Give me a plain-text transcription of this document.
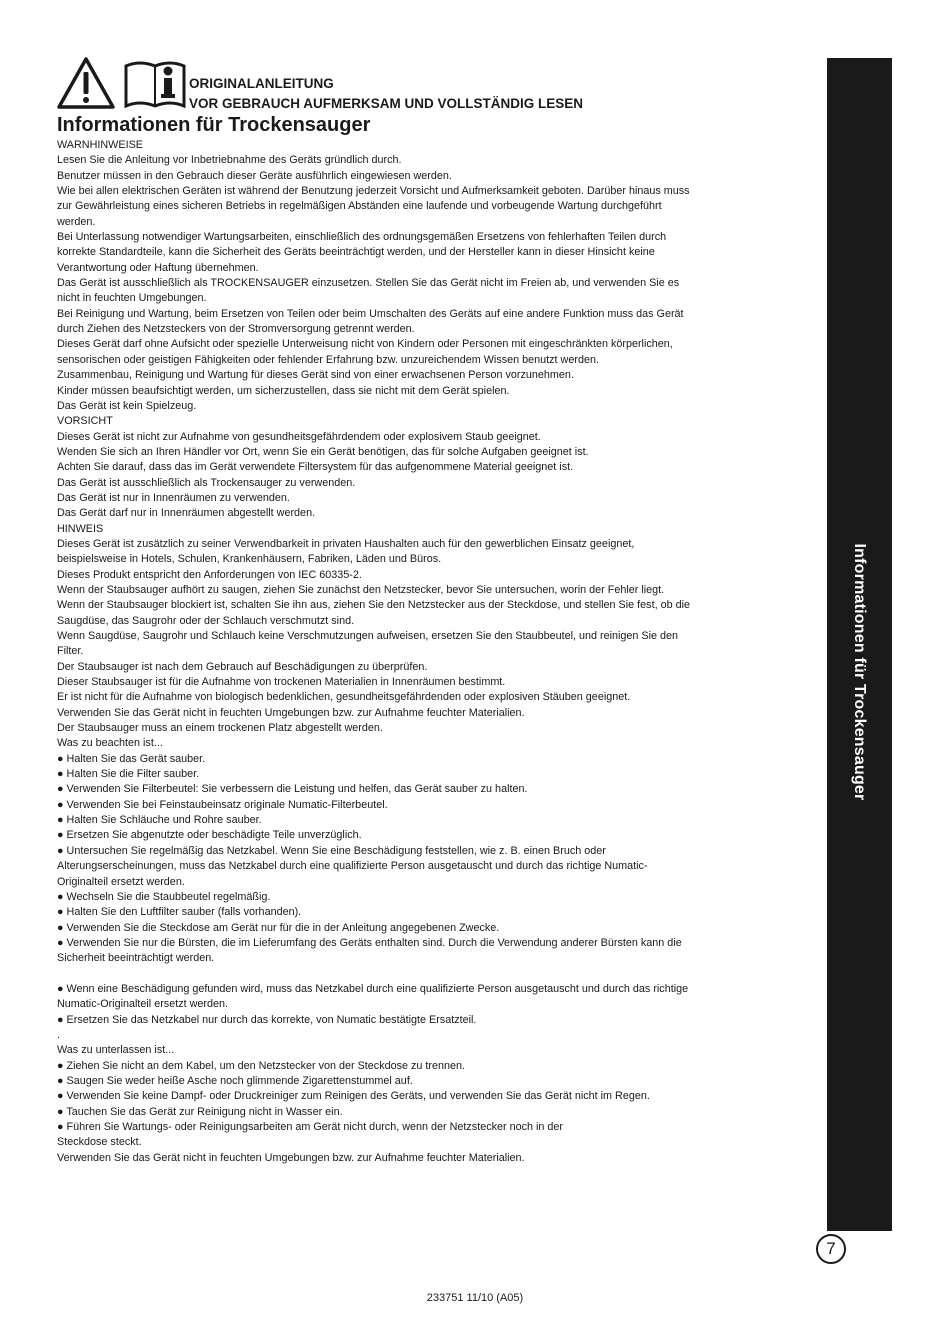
ORIGINALANLEITUNG
VOR GEBRAUCH AUFMERKSAM UND VOLLSTÄNDIG LESEN
Informationen für Trockensauger
WARNHINWEISE
Lesen Sie die Anleitung vor Inbetriebnahme des Geräts gründlich durch.
Benutzer müssen in den Gebrauch dieser Geräte ausführlich eingewiesen werden.
Wie bei allen elektrischen Geräten ist während der Benutzung jederzeit Vorsicht und Aufmerksamkeit geboten. Darüber hinaus muss
zur Gewährleistung eines sicheren Betriebs in regelmäßigen Abständen eine laufende und vorbeugende Wartung durchgeführt
werden.
Bei Unterlassung notwendiger Wartungsarbeiten, einschließlich des ordnungsgemäßen Ersetzens von fehlerhaften Teilen durch
korrekte Standardteile, kann die Sicherheit des Geräts beeinträchtigt werden, und der Hersteller kann in dieser Hinsicht keine
Verantwortung oder Haftung übernehmen.
Das Gerät ist ausschließlich als TROCKENSAUGER einzusetzen. Stellen Sie das Gerät nicht im Freien ab, und verwenden Sie es
nicht in feuchten Umgebungen.
Bei Reinigung und Wartung, beim Ersetzen von Teilen oder beim Umschalten des Geräts auf eine andere Funktion muss das Gerät
durch Ziehen des Netzsteckers von der Stromversorgung getrennt werden.
Dieses Gerät darf ohne Aufsicht oder spezielle Unterweisung nicht von Kindern oder Personen mit eingeschränkten körperlichen,
sensorischen oder geistigen Fähigkeiten oder fehlender Erfahrung bzw. unzureichendem Wissen benutzt werden.
Zusammenbau, Reinigung und Wartung für dieses Gerät sind von einer erwachsenen Person vorzunehmen.
Kinder müssen beaufsichtigt werden, um sicherzustellen, dass sie nicht mit dem Gerät spielen.
Das Gerät ist kein Spielzeug.
VORSICHT
Dieses Gerät ist nicht zur Aufnahme von gesundheitsgefährdendem oder explosivem Staub geeignet.
Wenden Sie sich an Ihren Händler vor Ort, wenn Sie ein Gerät benötigen, das für solche Aufgaben geeignet ist.
Achten Sie darauf, dass das im Gerät verwendete Filtersystem für das aufgenommene Material geeignet ist.
Das Gerät ist ausschließlich als Trockensauger zu verwenden.
Das Gerät ist nur in Innenräumen zu verwenden.
Das Gerät darf nur in Innenräumen abgestellt werden.
HINWEIS
Dieses Gerät ist zusätzlich zu seiner Verwendbarkeit in privaten Haushalten auch für den gewerblichen Einsatz geeignet,
beispielsweise in Hotels, Schulen, Krankenhäusern, Fabriken, Läden und Büros.
Dieses Produkt entspricht den Anforderungen von IEC 60335-2.
Wenn der Staubsauger aufhört zu saugen, ziehen Sie zunächst den Netzstecker, bevor Sie untersuchen, worin der Fehler liegt.
Wenn der Staubsauger blockiert ist, schalten Sie ihn aus, ziehen Sie den Netzstecker aus der Steckdose, und stellen Sie fest, ob die
Saugdüse, das Saugrohr oder der Schlauch verschmutzt sind.
Wenn Saugdüse, Saugrohr und Schlauch keine Verschmutzungen aufweisen, ersetzen Sie den Staubbeutel, und reinigen Sie den
Filter.
Der Staubsauger ist nach dem Gebrauch auf Beschädigungen zu überprüfen.
Dieser Staubsauger ist für die Aufnahme von trockenen Materialien in Innenräumen bestimmt.
Er ist nicht für die Aufnahme von biologisch bedenklichen, gesundheitsgefährdenden oder explosiven Stäuben geeignet.
Verwenden Sie das Gerät nicht in feuchten Umgebungen bzw. zur Aufnahme feuchter Materialien.
Der Staubsauger muss an einem trockenen Platz abgestellt werden.
Was zu beachten ist...
● Halten Sie das Gerät sauber.
● Halten Sie die Filter sauber.
● Verwenden Sie Filterbeutel: Sie verbessern die Leistung und helfen, das Gerät sauber zu halten.
● Verwenden Sie bei Feinstaubeinsatz originale Numatic-Filterbeutel.
● Halten Sie Schläuche und Rohre sauber.
● Ersetzen Sie abgenutzte oder beschädigte Teile unverzüglich.
● Untersuchen Sie regelmäßig das Netzkabel. Wenn Sie eine Beschädigung feststellen, wie z. B. einen Bruch oder
Alterungserscheinungen, muss das Netzkabel durch eine qualifizierte Person ausgetauscht und durch das richtige Numatic-
Originalteil ersetzt werden.
● Wechseln Sie die Staubbeutel regelmäßig.
● Halten Sie den Luftfilter sauber (falls vorhanden).
● Verwenden Sie die Steckdose am Gerät nur für die in der Anleitung angegebenen Zwecke.
● Verwenden Sie nur die Bürsten, die im Lieferumfang des Geräts enthalten sind. Durch die Verwendung anderer Bürsten kann die
Sicherheit beeinträchtigt werden.
● Wenn eine Beschädigung gefunden wird, muss das Netzkabel durch eine qualifizierte Person ausgetauscht und durch das richtige
Numatic-Originalteil ersetzt werden.
● Ersetzen Sie das Netzkabel nur durch das korrekte, von Numatic bestätigte Ersatzteil.
.
Was zu unterlassen ist...
● Ziehen Sie nicht an dem Kabel, um den Netzstecker von der Steckdose zu trennen.
● Saugen Sie weder heiße Asche noch glimmende Zigarettenstummel auf.
● Verwenden Sie keine Dampf- oder Druckreiniger zum Reinigen des Geräts, und verwenden Sie das Gerät nicht im Regen.
● Tauchen Sie das Gerät zur Reinigung nicht in Wasser ein.
● Führen Sie Wartungs- oder Reinigungsarbeiten am Gerät nicht durch, wenn der Netzstecker noch in der
Steckdose steckt.
Verwenden Sie das Gerät nicht in feuchten Umgebungen bzw. zur Aufnahme feuchter Materialien.
Informationen für Trockensauger
7
233751 11/10 (A05)
